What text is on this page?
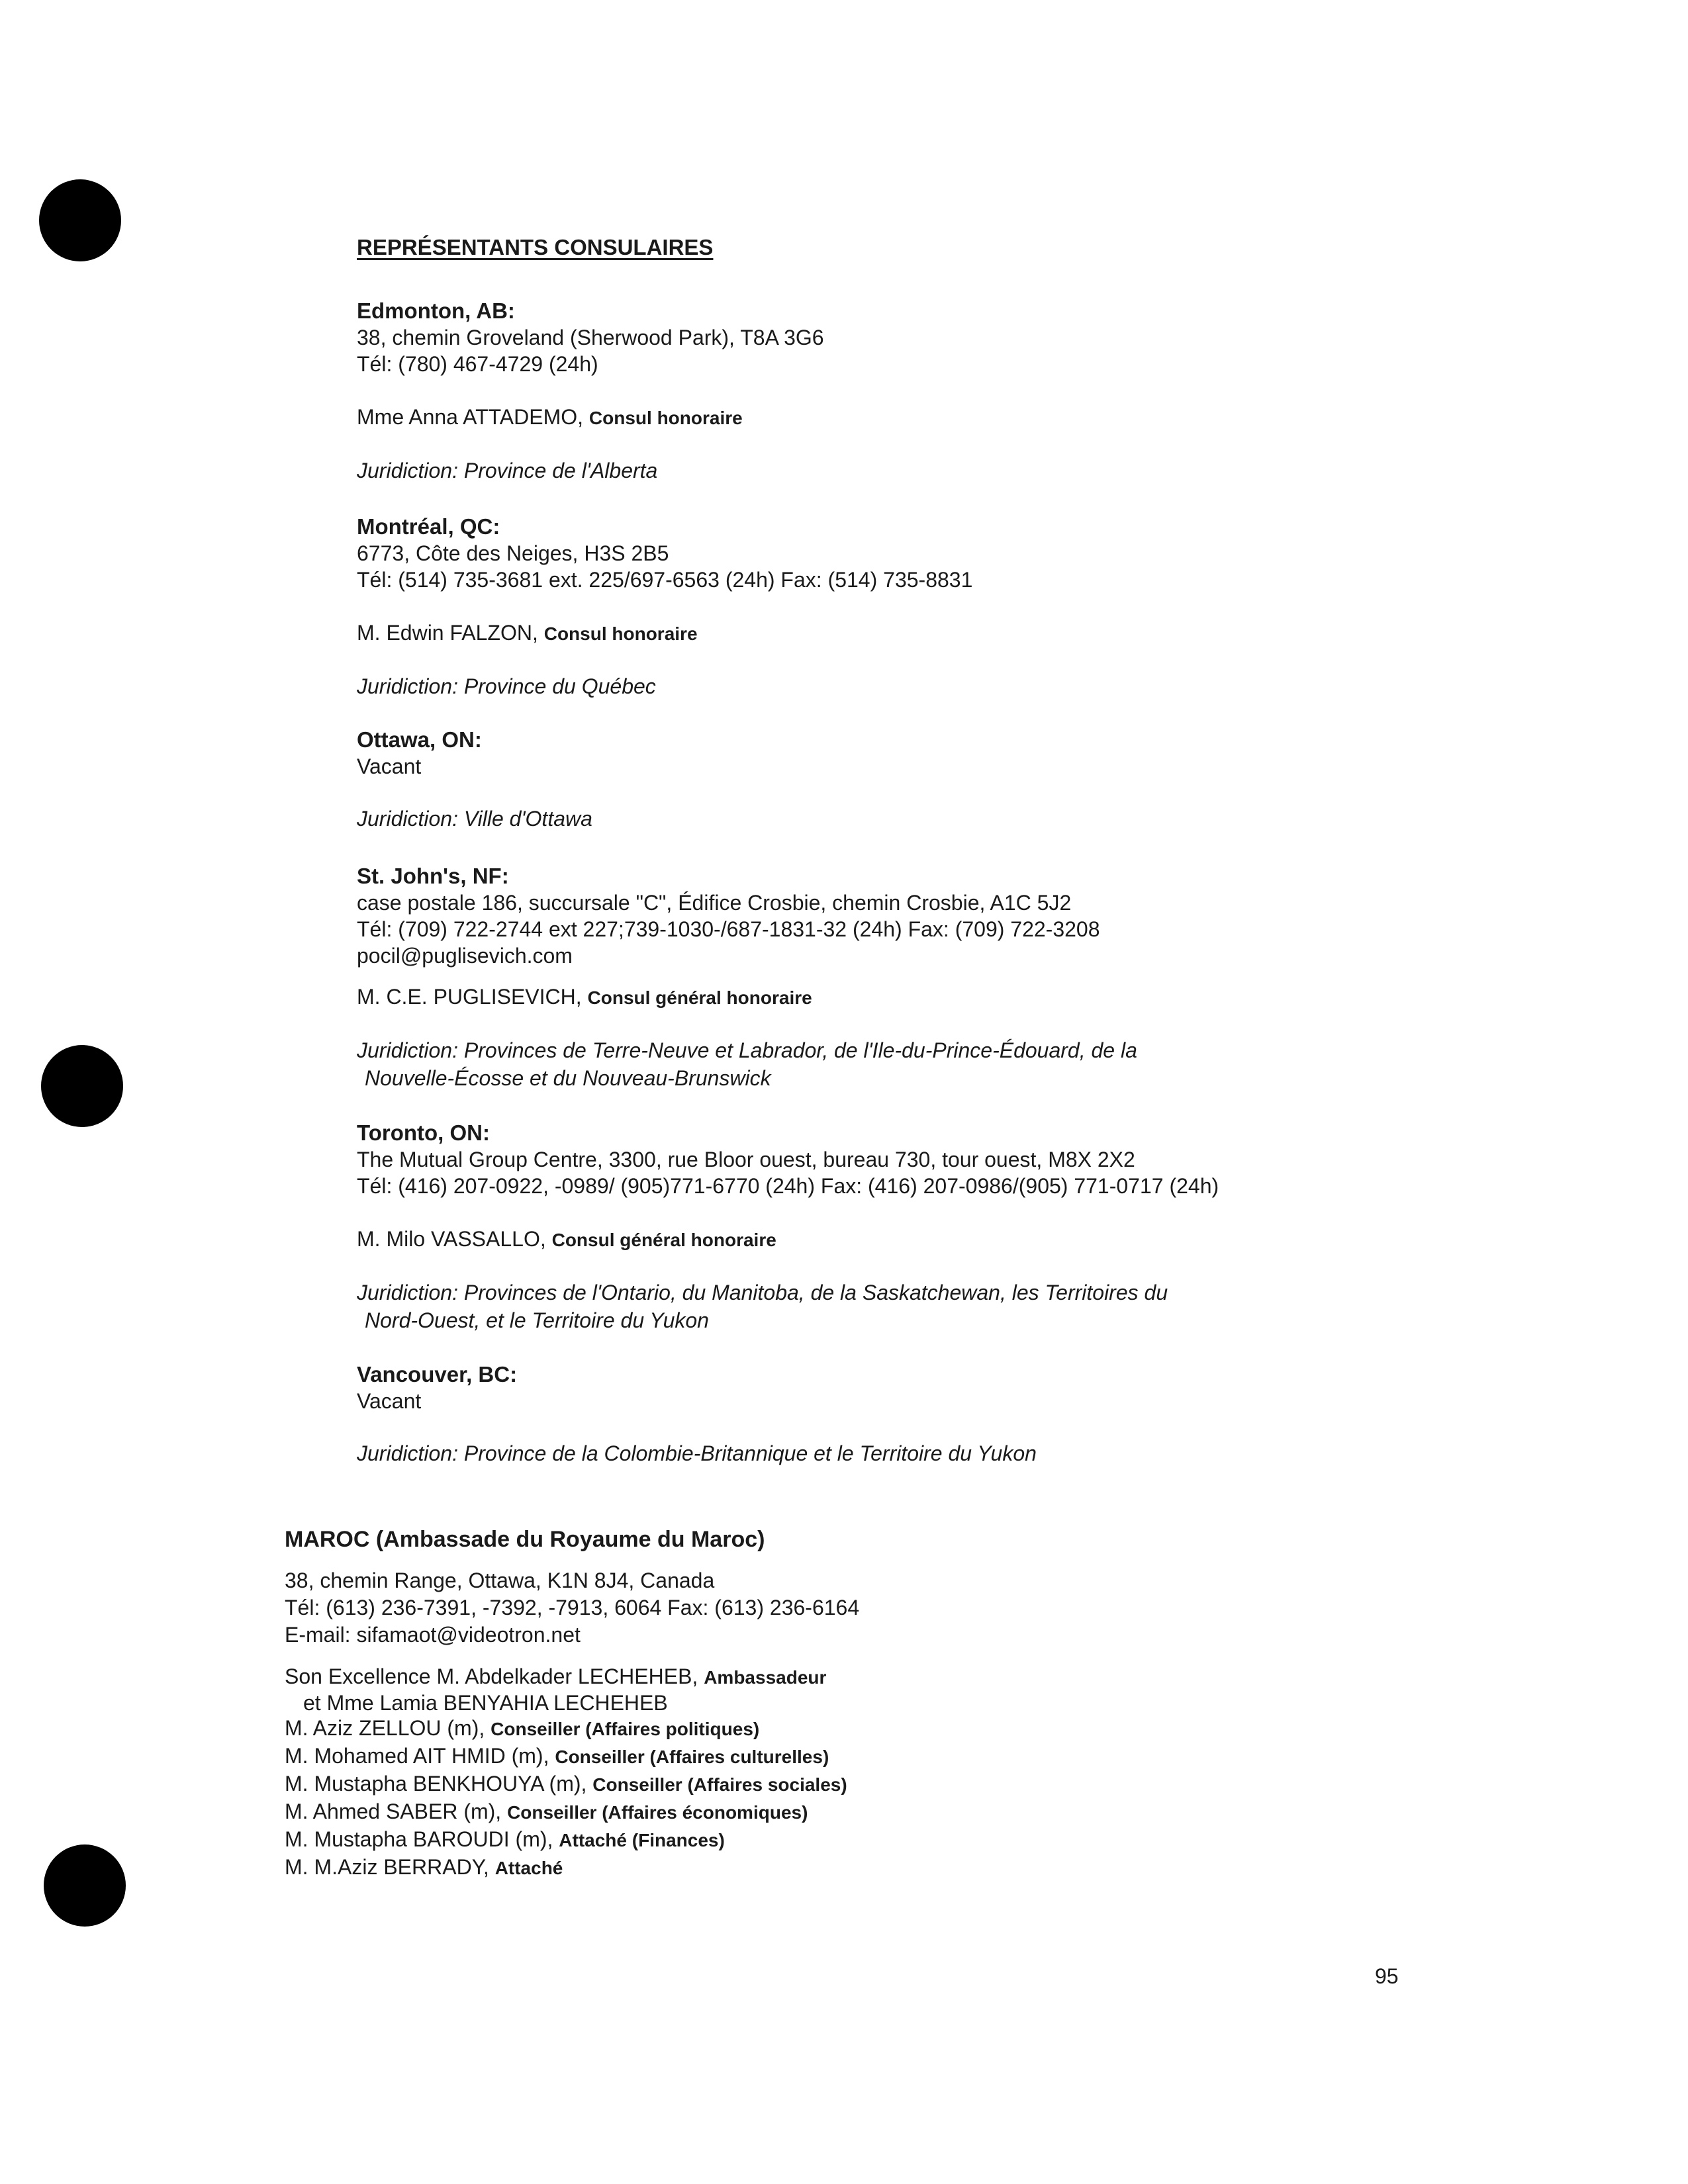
REPRÉSENTANTS CONSULAIRES
Edmonton, AB:
38, chemin Groveland (Sherwood Park), T8A 3G6
Tél: (780) 467-4729 (24h)
Mme Anna ATTADEMO, Consul honoraire
Juridiction: Province de l'Alberta
Montréal, QC:
6773, Côte des Neiges, H3S 2B5
Tél: (514) 735-3681 ext. 225/697-6563 (24h) Fax: (514) 735-8831
M. Edwin FALZON, Consul honoraire
Juridiction: Province du Québec
Ottawa, ON:
Vacant
Juridiction: Ville d'Ottawa
St. John's, NF:
case postale 186, succursale "C", Édifice Crosbie, chemin Crosbie, A1C 5J2
Tél: (709) 722-2744 ext 227;739-1030-/687-1831-32 (24h) Fax: (709) 722-3208
pocil@puglisevich.com
M. C.E. PUGLISEVICH, Consul général honoraire
Juridiction: Provinces de Terre-Neuve et Labrador, de l'Ile-du-Prince-Édouard, de la
Nouvelle-Écosse et du Nouveau-Brunswick
Toronto, ON:
The Mutual Group Centre, 3300, rue Bloor ouest, bureau 730, tour ouest, M8X 2X2
Tél: (416) 207-0922, -0989/ (905)771-6770 (24h) Fax: (416) 207-0986/(905) 771-0717 (24h)
M. Milo VASSALLO, Consul général honoraire
Juridiction: Provinces de l'Ontario, du Manitoba, de la Saskatchewan, les Territoires du
Nord-Ouest, et le Territoire du Yukon
Vancouver, BC:
Vacant
Juridiction: Province de la Colombie-Britannique et le Territoire du Yukon
MAROC (Ambassade du Royaume du Maroc)
38, chemin Range, Ottawa, K1N 8J4, Canada
Tél: (613) 236-7391, -7392, -7913, 6064 Fax: (613) 236-6164
E-mail: sifamaot@videotron.net
Son Excellence M. Abdelkader LECHEHEB, Ambassadeur
et Mme Lamia BENYAHIA LECHEHEB
M. Aziz ZELLOU (m), Conseiller (Affaires politiques)
M. Mohamed AIT HMID (m), Conseiller (Affaires culturelles)
M. Mustapha BENKHOUYA (m), Conseiller (Affaires sociales)
M. Ahmed SABER (m), Conseiller (Affaires économiques)
M. Mustapha BAROUDI (m), Attaché (Finances)
M. M.Aziz BERRADY, Attaché
95
